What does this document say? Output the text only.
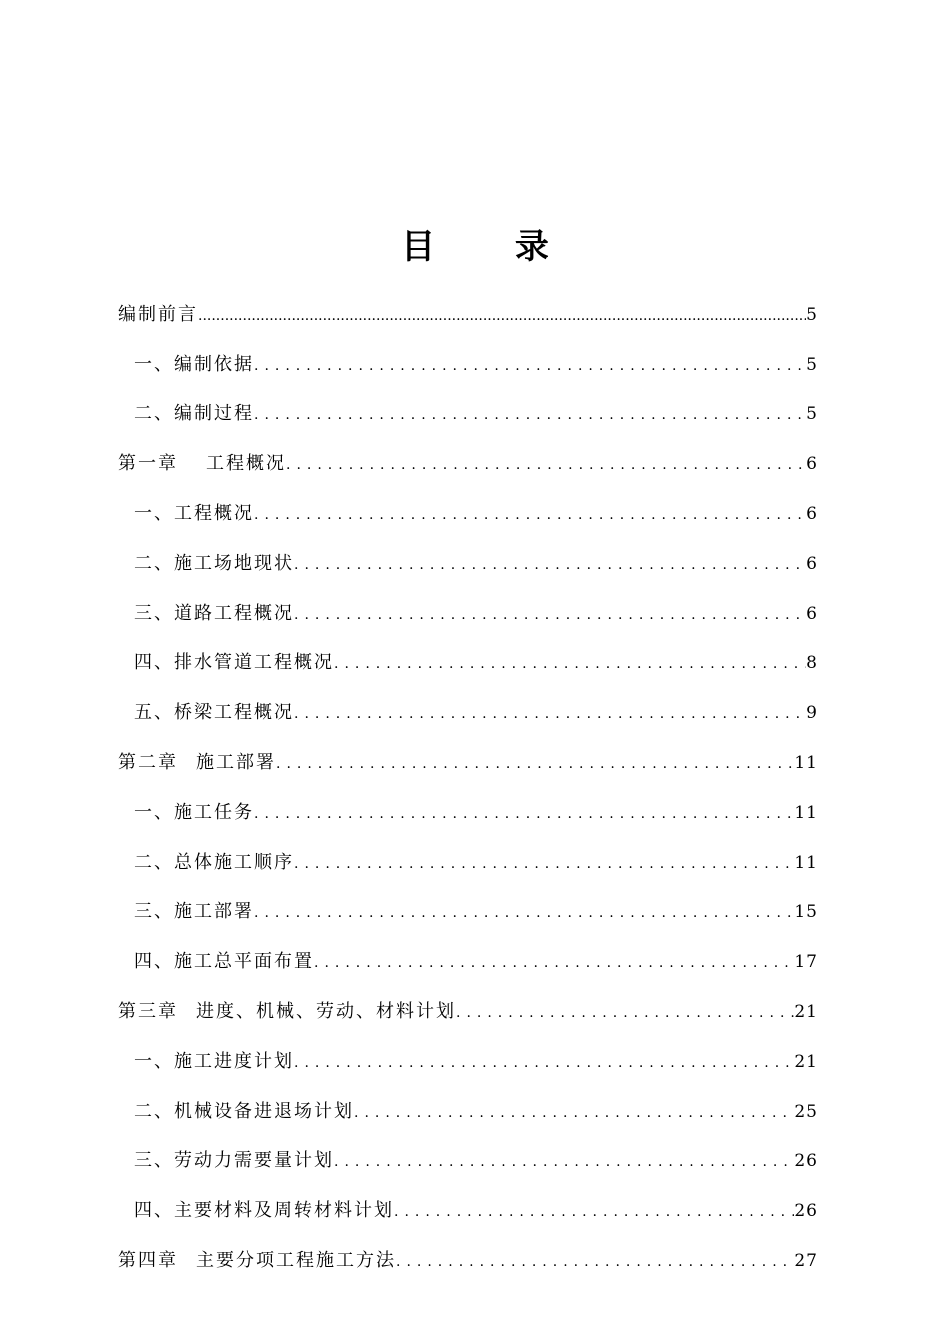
目 录
编制前言 .....	5
一、编制依据 .....	5
二、编制过程 .....	5
第一章 工程概况 .....	6
一、工程概况 .....	6
二、施工场地现状 .....	6
三、道路工程概况 .....	6
四、排水管道工程概况 .....	8
五、桥梁工程概况 .....	9
第二章 施工部署 .....	11
一、施工任务 .....	11
二、总体施工顺序 .....	11
三、施工部署 .....	15
四、施工总平面布置 .....	17
第三章 进度、机械、劳动、材料计划 .....	21
一、施工进度计划 .....	21
二、机械设备进退场计划 .....	25
三、劳动力需要量计划 .....	26
四、主要材料及周转材料计划 .....	26
第四章 主要分项工程施工方法 .....	27
